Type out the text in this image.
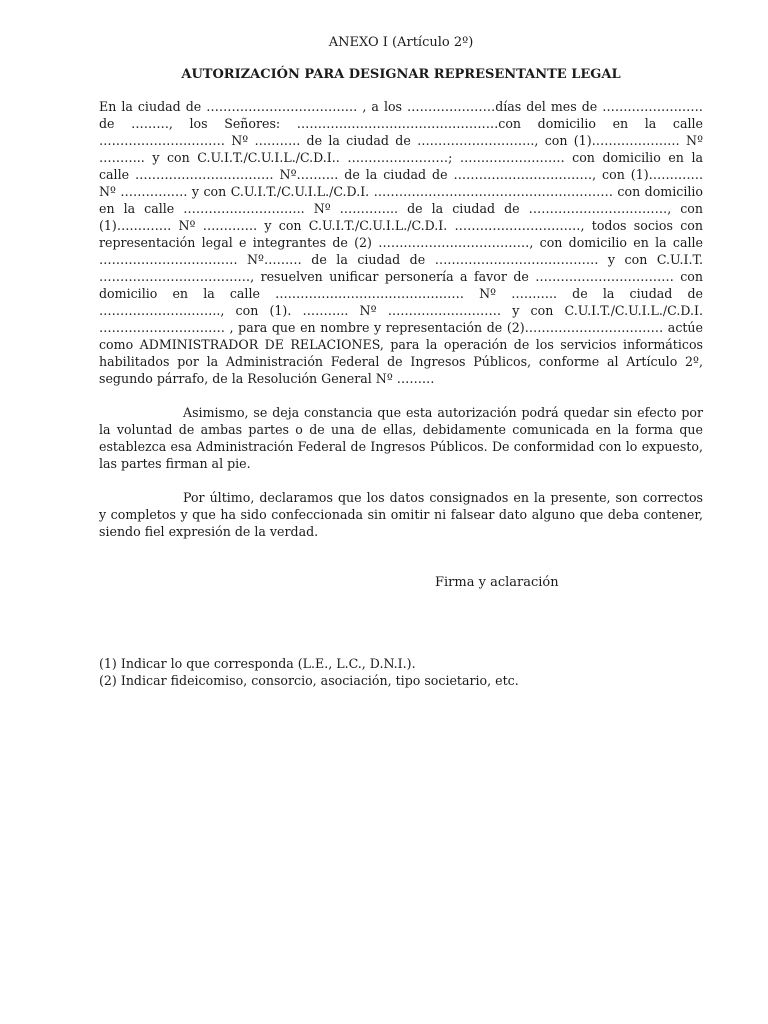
ANEXO I (Artículo 2º)

AUTORIZACIÓN PARA DESIGNAR REPRESENTANTE LEGAL

En la ciudad de ……………………………… , a los …………………días del mes de …………………… de ………, los Señores: …………………………………………con domicilio en la calle ………………………… Nº ……….. de la ciudad de ………………………., con (1)………………… Nº ……….. y con C.U.I.T./C.U.I.L./C.D.I.. ……………………; ……………………. con domicilio en la calle …………………………… Nº………. de la ciudad de ……………………………, con (1)…………. Nº ……………. y con C.U.I.T./C.U.I.L./C.D.I. ………………………………………………… con domicilio en la calle ……………………….. Nº ………….. de la ciudad de ……………………………, con (1)…………. Nº …………. y con C.U.I.T./C.U.I.L./C.D.I. …………………………, todos socios con representación legal e integrantes de (2) ………………………………, con domicilio en la calle …………………………… Nº……… de la ciudad de ………………………………… y con C.U.I.T. ………………………………, resuelven unificar personería a favor de …………………………… con domicilio en la calle ……………………………………… Nº ……….. de la ciudad de ……………………….., con (1). ……….. Nº ……………………… y con C.U.I.T./C.U.I.L./C.D.I. ………………………… , para que en nombre y representación de (2)…………………………… actúe como ADMINISTRADOR DE RELACIONES, para la operación de los servicios informáticos habilitados por la Administración Federal de Ingresos Públicos, conforme al Artículo 2º, segundo párrafo, de la Resolución General Nº ………

Asimismo, se deja constancia que esta autorización podrá quedar sin efecto por la voluntad de ambas partes o de una de ellas, debidamente comunicada en la forma que establezca esa Administración Federal de Ingresos Públicos. De conformidad con lo expuesto, las partes firman al pie.

Por último, declaramos que los datos consignados en la presente, son correctos y completos y que ha sido confeccionada sin omitir ni falsear dato alguno que deba contener, siendo fiel expresión de la verdad.

Firma y aclaración

(1) Indicar lo que corresponda (L.E., L.C., D.N.I.).

(2) Indicar fideicomiso, consorcio, asociación, tipo societario, etc.
